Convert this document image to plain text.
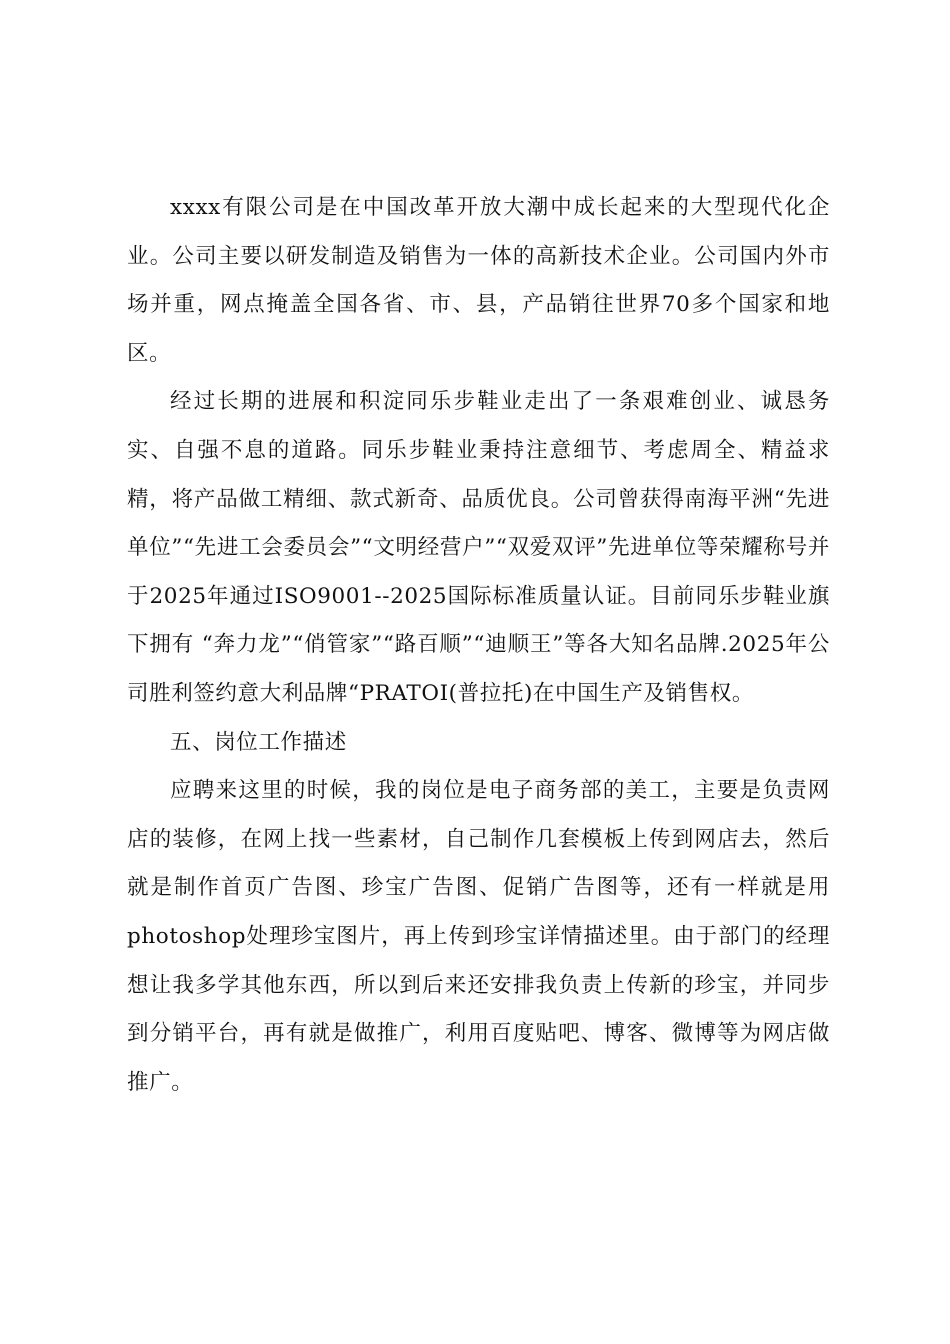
xxxx有限公司是在中国改革开放大潮中成长起来的大型现代化企业。公司主要以研发制造及销售为一体的高新技术企业。公司国内外市场并重，网点掩盖全国各省、市、县，产品销往世界70多个国家和地区。

经过长期的进展和积淀同乐步鞋业走出了一条艰难创业、诚恳务实、自强不息的道路。同乐步鞋业秉持注意细节、考虑周全、精益求精，将产品做工精细、款式新奇、品质优良。公司曾获得南海平洲“先进单位”“先进工会委员会”“文明经营户”“双爱双评”先进单位等荣耀称号并于2025年通过ISO9001--2025国际标准质量认证。目前同乐步鞋业旗下拥有 “奔力龙”“俏管家”“路百顺”“迪顺王”等各大知名品牌.2025年公司胜利签约意大利品牌“PRATOI(普拉托)在中国生产及销售权。

五、岗位工作描述

应聘来这里的时候，我的岗位是电子商务部的美工，主要是负责网店的装修，在网上找一些素材，自己制作几套模板上传到网店去，然后就是制作首页广告图、珍宝广告图、促销广告图等，还有一样就是用photoshop处理珍宝图片，再上传到珍宝详情描述里。由于部门的经理想让我多学其他东西，所以到后来还安排我负责上传新的珍宝，并同步到分销平台，再有就是做推广，利用百度贴吧、博客、微博等为网店做推广。
